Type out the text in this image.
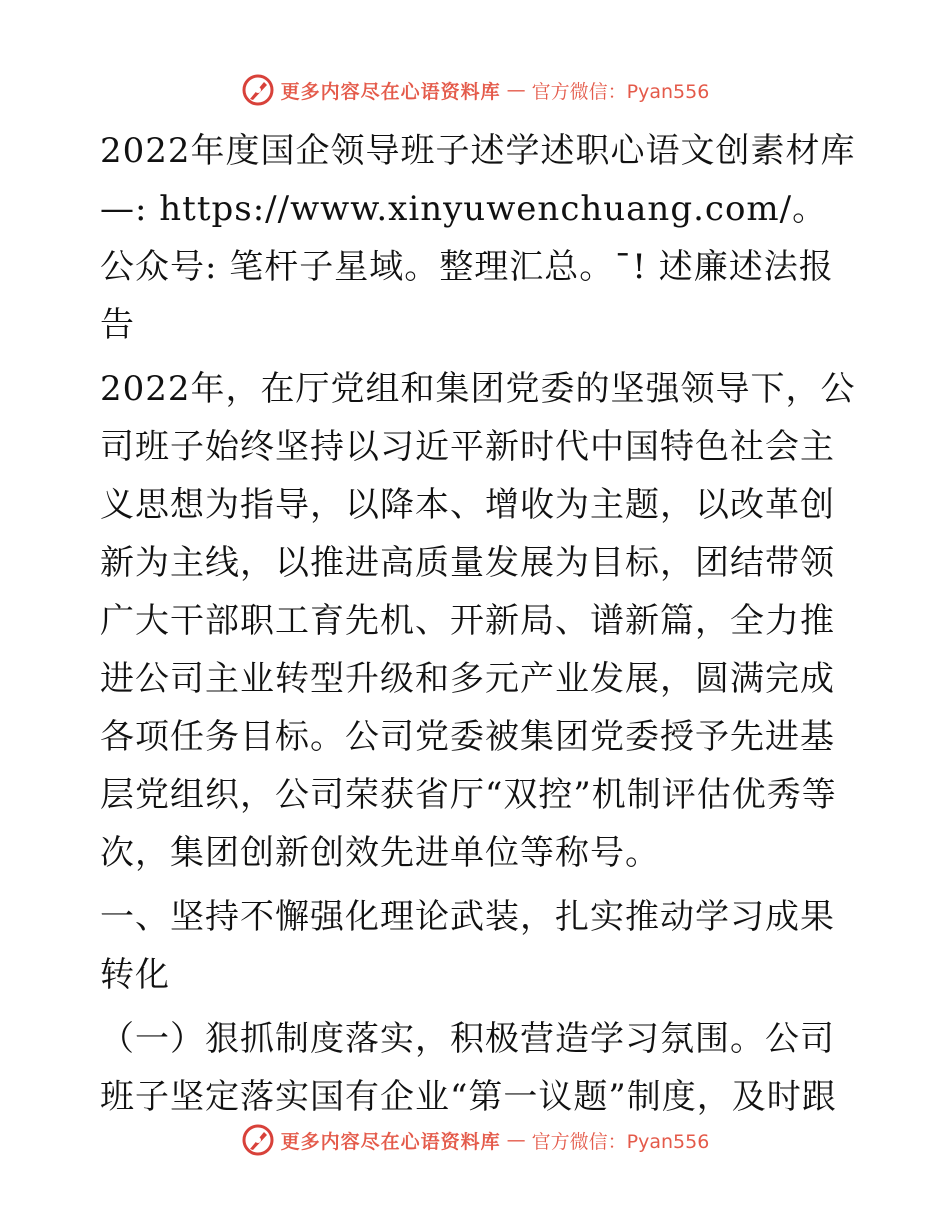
更多内容尽在心语资料库 — 官方微信：Pyan556

2022年度国企领导班子述学述职心语文创素材库—: https://www.xinyuwenchuang.com/。公众号: 笔杆子星域。整理汇总。¯! 述廉述法报告

2022年，在厅党组和集团党委的坚强领导下，公司班子始终坚持以习近平新时代中国特色社会主义思想为指导，以降本、增收为主题，以改革创新为主线，以推进高质量发展为目标，团结带领广大干部职工育先机、开新局、谱新篇，全力推进公司主业转型升级和多元产业发展，圆满完成各项任务目标。公司党委被集团党委授予先进基层党组织，公司荣获省厅“双控”机制评估优秀等次，集团创新创效先进单位等称号。

一、坚持不懈强化理论武装，扎实推动学习成果转化

（一）狠抓制度落实，积极营造学习氛围。公司班子坚定落实国有企业“第一议题”制度，及时跟

更多内容尽在心语资料库 — 官方微信：Pyan556
